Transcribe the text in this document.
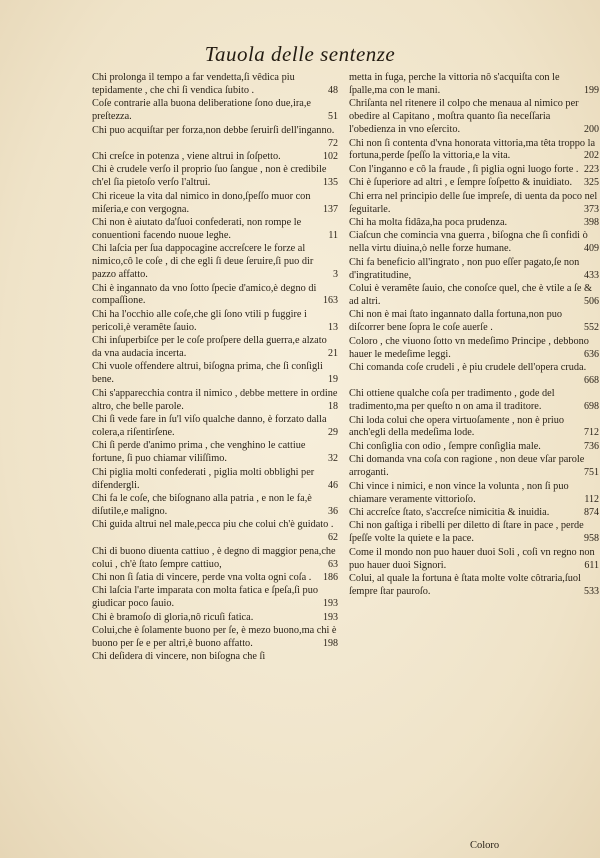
Tauola delle sentenze
Chi prolonga il tempo a far vendetta,ſi vêdica piu tepidamente , che chi ſi vendica ſubito .	48
Coſe contrarie alla buona deliberatione ſono due,ira,e preſtezza.	51
Chi puo acquiſtar per forza,non debbe ſeruirſi dell'inganno.
72
Chi creſce in potenza , viene altrui in ſoſpetto.	102
Chi è crudele verſo il proprio ſuo ſangue , non è credibile ch'el ſia pietoſo verſo l'altrui.	135
Chi riceue la vita dal nimico in dono,ſpeſſo muor con miſeria,e con vergogna.	137
Chi non è aiutato da'ſuoi confederati, non rompe le conuentioni facendo nuoue leghe.	11
Chi laſcia per ſua dappocagine accreſcere le forze al nimico,cô le coſe , di che egli ſi deue ſeruire,ſi puo dir pazzo affatto.	3
Chi è ingannato da vno ſotto ſpecie d'amico,è degno di compaſſione.	163
Chi ha l'occhio alle coſe,che gli ſono vtili p fuggire i pericoli,è veramête ſauio.	13
Chi inſuperbiſce per le coſe proſpere della guerra,e alzato da vna audacia incerta.	21
Chi vuole offendere altrui, biſogna prima, che ſi conſigli bene.	19
Chi s'apparecchia contra il nimico , debbe mettere in ordine altro, che belle parole.	18
Chi ſi vede fare in ſu'l viſo qualche danno, è forzato dalla colera,a riſentirſene.	29
Chi ſi perde d'animo prima , che venghino le cattiue fortune, ſi puo chiamar viliſſimo.	32
Chi piglia molti confederati , piglia molti obblighi per difendergli.	46
Chi fa le coſe, che biſognano alla patria , e non le fa,è diſutile,e maligno.	36
Chi guida altrui nel male,pecca piu che colui ch'è guidato .
62
Chi di buono diuenta cattiuo , è degno di maggior pena,che colui , ch'è ſtato ſempre cattiuo,	63
Chi non ſi ſatia di vincere, perde vna volta ogni coſa .	186
Chi laſcia l'arte imparata con molta fatica e ſpeſa,ſi puo giudicar poco ſauio.	193
Chi è bramoſo di gloria,nô ricuſi fatica.	193
Colui,che è ſolamente buono per ſe, è mezo buono,ma chi è buono per ſe e per altri,è buono affatto.	198
Chi deſidera di vincere, non biſogna che ſi
metta in fuga, perche la vittoria nô s'acquiſta con le ſpalle,ma con le mani.	199
Chriſanta nel ritenere il colpo che menaua al nimico per obedire al Capitano , moſtra quanto ſia neceſſaria l'obedienza in vno eſercito.	200
Chi non ſi contenta d'vna honorata vittoria,ma têta troppo la fortuna,perde ſpeſſo la vittoria,e la vita.	202
Con l'inganno e cô la fraude , ſi piglia ogni luogo forte . 223
Chi è ſuperiore ad altri , e ſempre ſoſpetto & inuidiato.	325
Chi erra nel principio delle ſue impreſe, di uenta da poco nel ſeguitarle.	373
Chi ha molta fidâza,ha poca prudenza.	398
Ciaſcun che comincia vna guerra , biſogna che ſi confidi ò nella virtu diuina,ò nelle forze humane.	409
Chi fa beneficio all'ingrato , non puo eſſer pagato,ſe non d'ingratitudine,	433
Colui è veramête ſauio, che conoſce quel, che è vtile a ſe & ad altri.	506
Chi non è mai ſtato ingannato dalla fortuna,non puo diſcorrer bene ſopra le coſe auerſe .	552
Coloro , che viuono ſotto vn medeſimo Principe , debbono hauer le medeſime leggi.	636
Chi comanda coſe crudeli , è piu crudele dell'opera cruda.
668
Chi ottiene qualche coſa per tradimento , gode del tradimento,ma per queſto n on ama il traditore.	698
Chi loda colui che opera virtuoſamente , non è priuo anch'egli della medeſima lode.	712
Chi conſiglia con odio , ſempre conſiglia male.	736
Chi domanda vna coſa con ragione , non deue vſar parole arroganti.	751
Chi vince i nimici, e non vince la volunta , non ſi puo chiamare veramente vittorioſo.	112
Chi accreſce ſtato, s'accreſce nimicitia & inuidia.	874
Chi non gaſtiga i ribelli per diletto di ſtare in pace , perde ſpeſſe volte la quiete e la pace.	958
Come il mondo non puo hauer duoi Soli , coſi vn regno non puo hauer duoi Signori.	611
Colui, al quale la fortuna è ſtata molte volte côtraria,ſuol ſempre ſtar pauroſo.	533
Coloro
